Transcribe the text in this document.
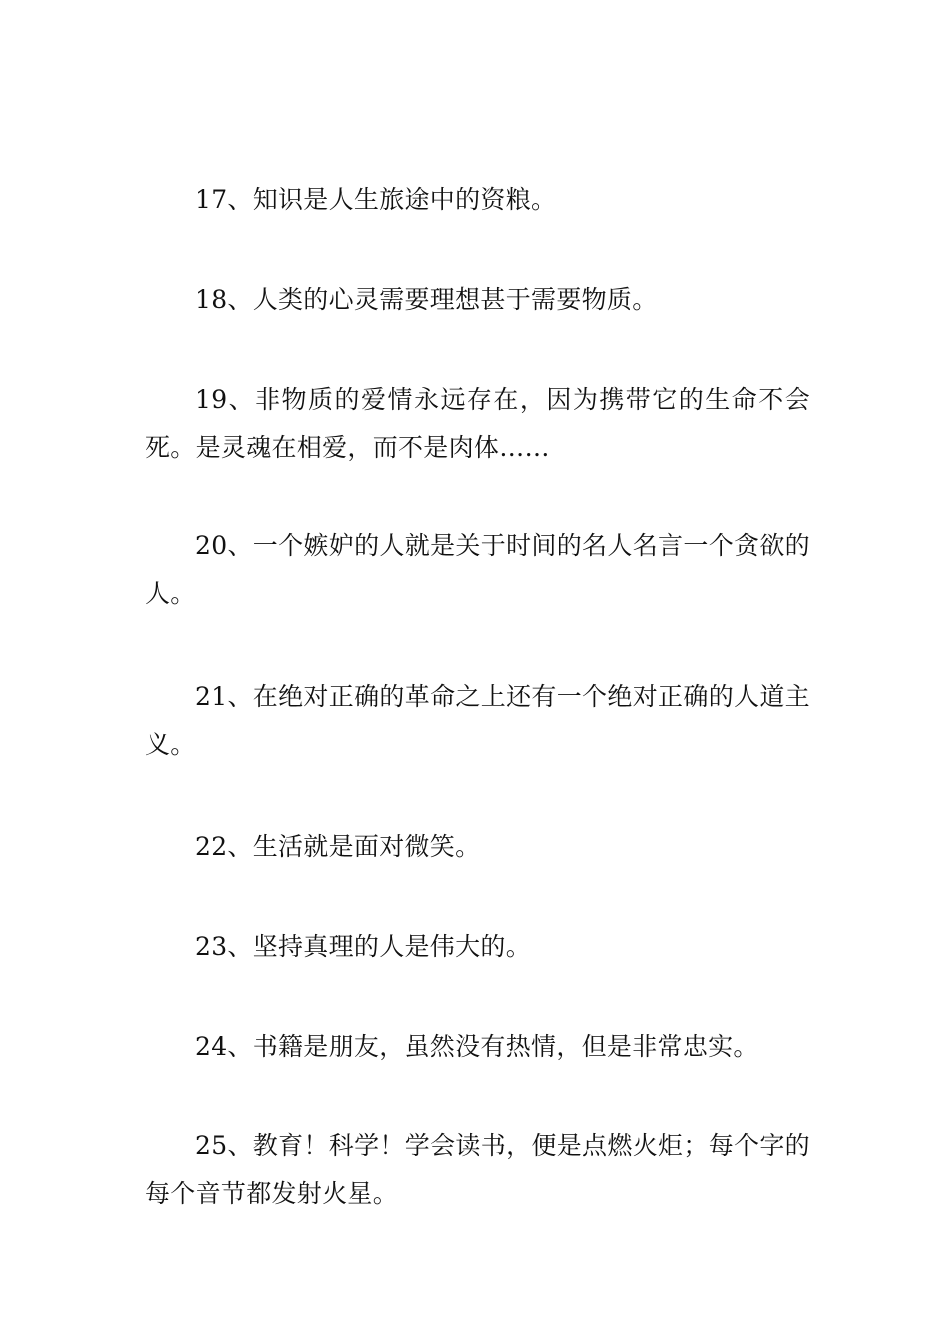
17、知识是人生旅途中的资粮。

18、人类的心灵需要理想甚于需要物质。

19、非物质的爱情永远存在，因为携带它的生命不会死。是灵魂在相爱，而不是肉体……

20、一个嫉妒的人就是关于时间的名人名言一个贪欲的人。

21、在绝对正确的革命之上还有一个绝对正确的人道主义。

22、生活就是面对微笑。

23、坚持真理的人是伟大的。

24、书籍是朋友，虽然没有热情，但是非常忠实。

25、教育！科学！学会读书，便是点燃火炬；每个字的每个音节都发射火星。
